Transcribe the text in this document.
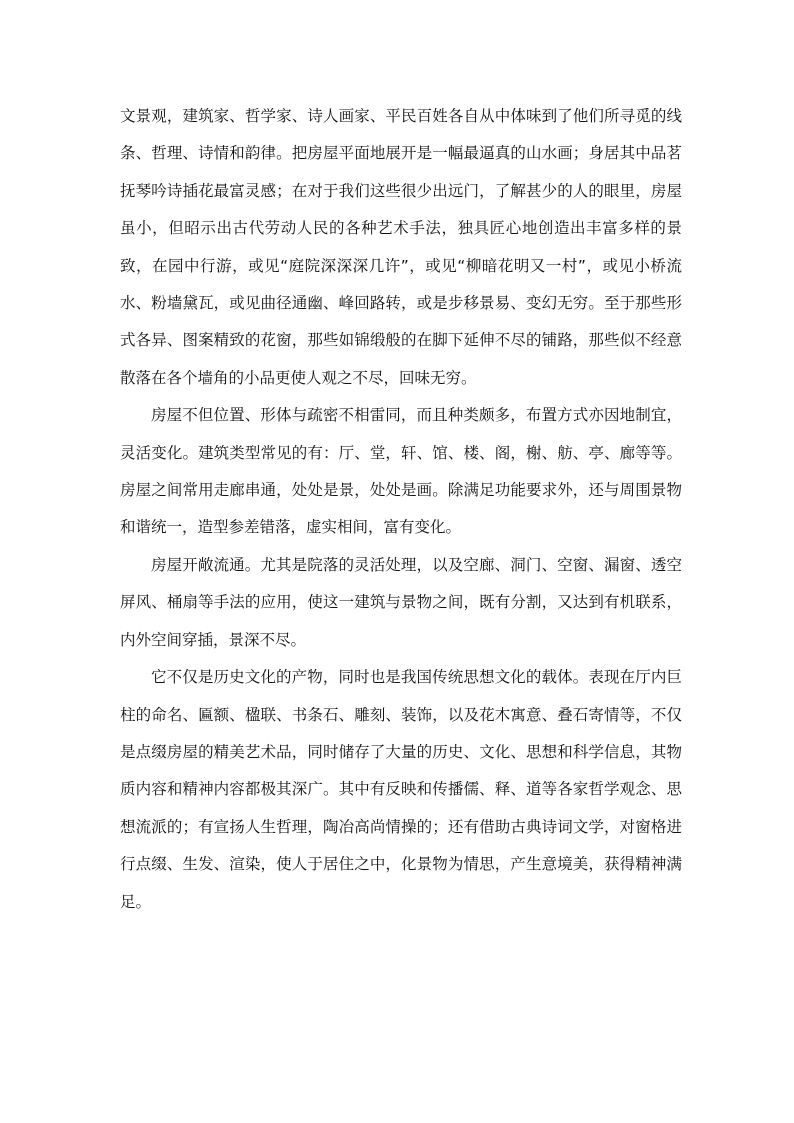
文景观，建筑家、哲学家、诗人画家、平民百姓各自从中体味到了他们所寻觅的线条、哲理、诗情和韵律。把房屋平面地展开是一幅最逼真的山水画；身居其中品茗抚琴吟诗插花最富灵感；在对于我们这些很少出远门，了解甚少的人的眼里，房屋虽小，但昭示出古代劳动人民的各种艺术手法，独具匠心地创造出丰富多样的景致，在园中行游，或见“庭院深深深几许”，或见“柳暗花明又一村”，或见小桥流水、粉墙黛瓦，或见曲径通幽、峰回路转，或是步移景易、变幻无穷。至于那些形式各异、图案精致的花窗，那些如锦缎般的在脚下延伸不尽的铺路，那些似不经意散落在各个墙角的小品更使人观之不尽，回味无穷。

房屋不但位置、形体与疏密不相雷同，而且种类颇多，布置方式亦因地制宜，灵活变化。建筑类型常见的有：厅、堂，轩、馆、楼、阁，榭、舫、亭、廊等等。房屋之间常用走廊串通，处处是景，处处是画。除满足功能要求外，还与周围景物和谐统一，造型参差错落，虚实相间，富有变化。

房屋开敞流通。尤其是院落的灵活处理，以及空廊、洞门、空窗、漏窗、透空屏风、桶扇等手法的应用，使这一建筑与景物之间，既有分割，又达到有机联系，内外空间穿插，景深不尽。

它不仅是历史文化的产物，同时也是我国传统思想文化的载体。表现在厅内巨柱的命名、匾额、楹联、书条石、雕刻、装饰，以及花木寓意、叠石寄情等，不仅是点缀房屋的精美艺术品，同时储存了大量的历史、文化、思想和科学信息，其物质内容和精神内容都极其深广。其中有反映和传播儒、释、道等各家哲学观念、思想流派的；有宣扬人生哲理，陶冶高尚情操的；还有借助古典诗词文学，对窗格进行点缀、生发、渲染，使人于居住之中，化景物为情思，产生意境美，获得精神满足。
